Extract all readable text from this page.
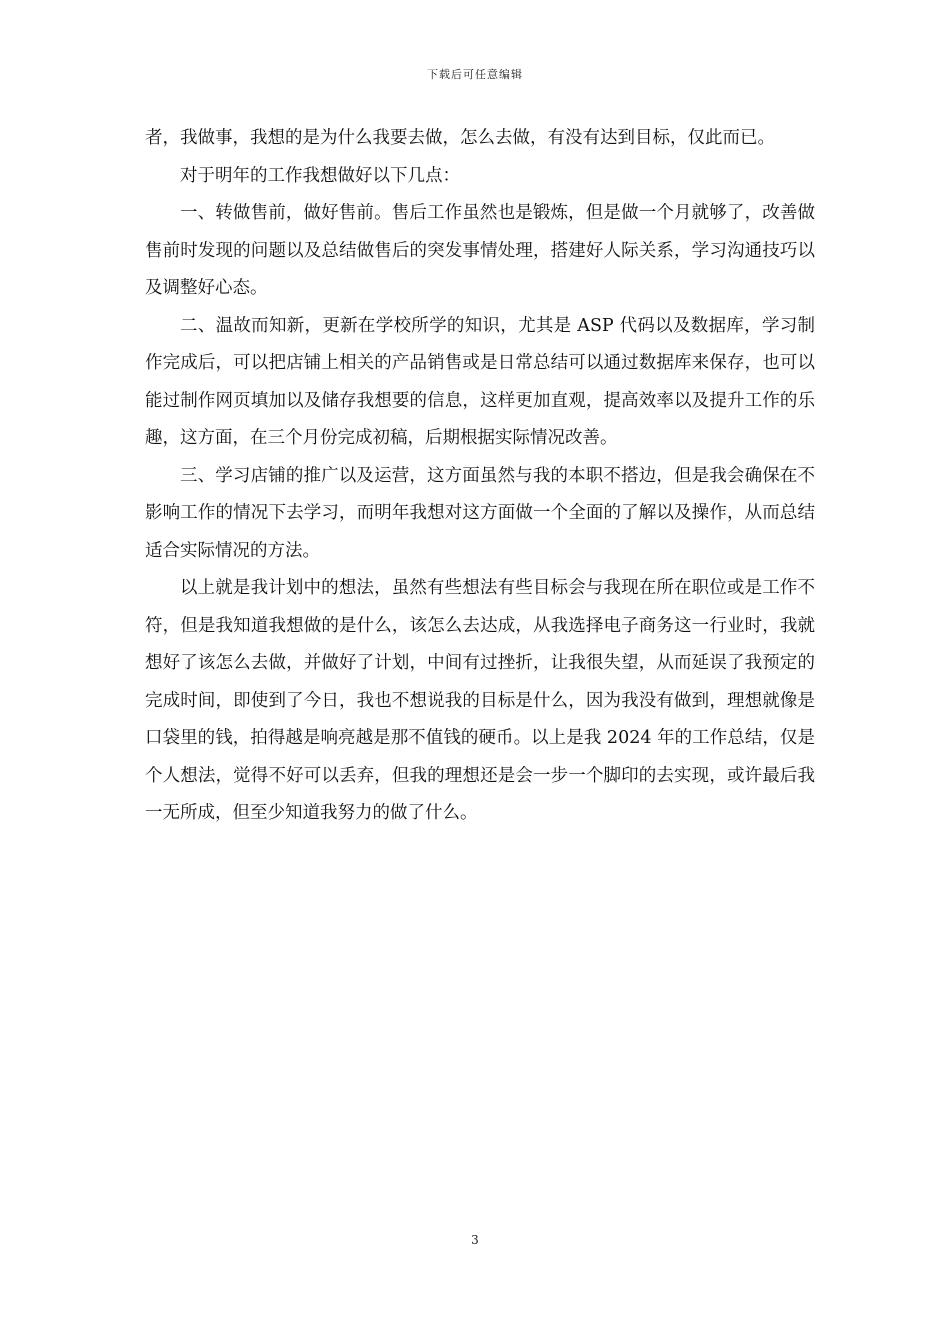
下载后可任意编辑

者，我做事，我想的是为什么我要去做，怎么去做，有没有达到目标，仅此而已。

对于明年的工作我想做好以下几点：

一、转做售前，做好售前。售后工作虽然也是锻炼，但是做一个月就够了，改善做售前时发现的问题以及总结做售后的突发事情处理，搭建好人际关系，学习沟通技巧以及调整好心态。

二、温故而知新，更新在学校所学的知识，尤其是 ASP 代码以及数据库，学习制作完成后，可以把店铺上相关的产品销售或是日常总结可以通过数据库来保存，也可以能过制作网页填加以及储存我想要的信息，这样更加直观，提高效率以及提升工作的乐趣，这方面，在三个月份完成初稿，后期根据实际情况改善。

三、学习店铺的推广以及运营，这方面虽然与我的本职不搭边，但是我会确保在不影响工作的情况下去学习，而明年我想对这方面做一个全面的了解以及操作，从而总结适合实际情况的方法。

以上就是我计划中的想法，虽然有些想法有些目标会与我现在所在职位或是工作不符，但是我知道我想做的是什么，该怎么去达成，从我选择电子商务这一行业时，我就想好了该怎么去做，并做好了计划，中间有过挫折，让我很失望，从而延误了我预定的完成时间，即使到了今日，我也不想说我的目标是什么，因为我没有做到，理想就像是口袋里的钱，拍得越是响亮越是那不值钱的硬币。以上是我 2024 年的工作总结，仅是个人想法，觉得不好可以丢弃，但我的理想还是会一步一个脚印的去实现，或许最后我一无所成，但至少知道我努力的做了什么。

3
